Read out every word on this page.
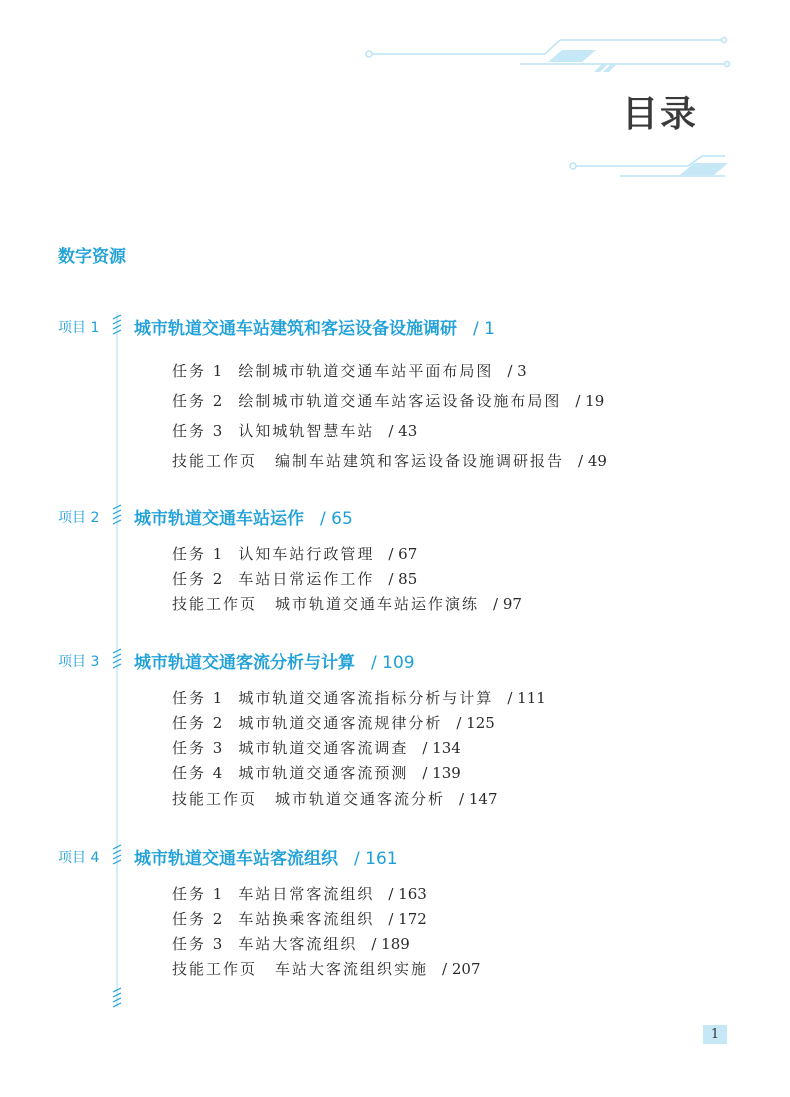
目录
数字资源
项目 1 城市轨道交通车站建筑和客运设备设施调研 / 1
任务 1 绘制城市轨道交通车站平面布局图 / 3
任务 2 绘制城市轨道交通车站客运设备设施布局图 / 19
任务 3 认知城轨智慧车站 / 43
技能工作页 编制车站建筑和客运设备设施调研报告 / 49
项目 2 城市轨道交通车站运作 / 65
任务 1 认知车站行政管理 / 67
任务 2 车站日常运作工作 / 85
技能工作页 城市轨道交通车站运作演练 / 97
项目 3 城市轨道交通客流分析与计算 / 109
任务 1 城市轨道交通客流指标分析与计算 / 111
任务 2 城市轨道交通客流规律分析 / 125
任务 3 城市轨道交通客流调查 / 134
任务 4 城市轨道交通客流预测 / 139
技能工作页 城市轨道交通客流分析 / 147
项目 4 城市轨道交通车站客流组织 / 161
任务 1 车站日常客流组织 / 163
任务 2 车站换乘客流组织 / 172
任务 3 车站大客流组织 / 189
技能工作页 车站大客流组织实施 / 207
1
